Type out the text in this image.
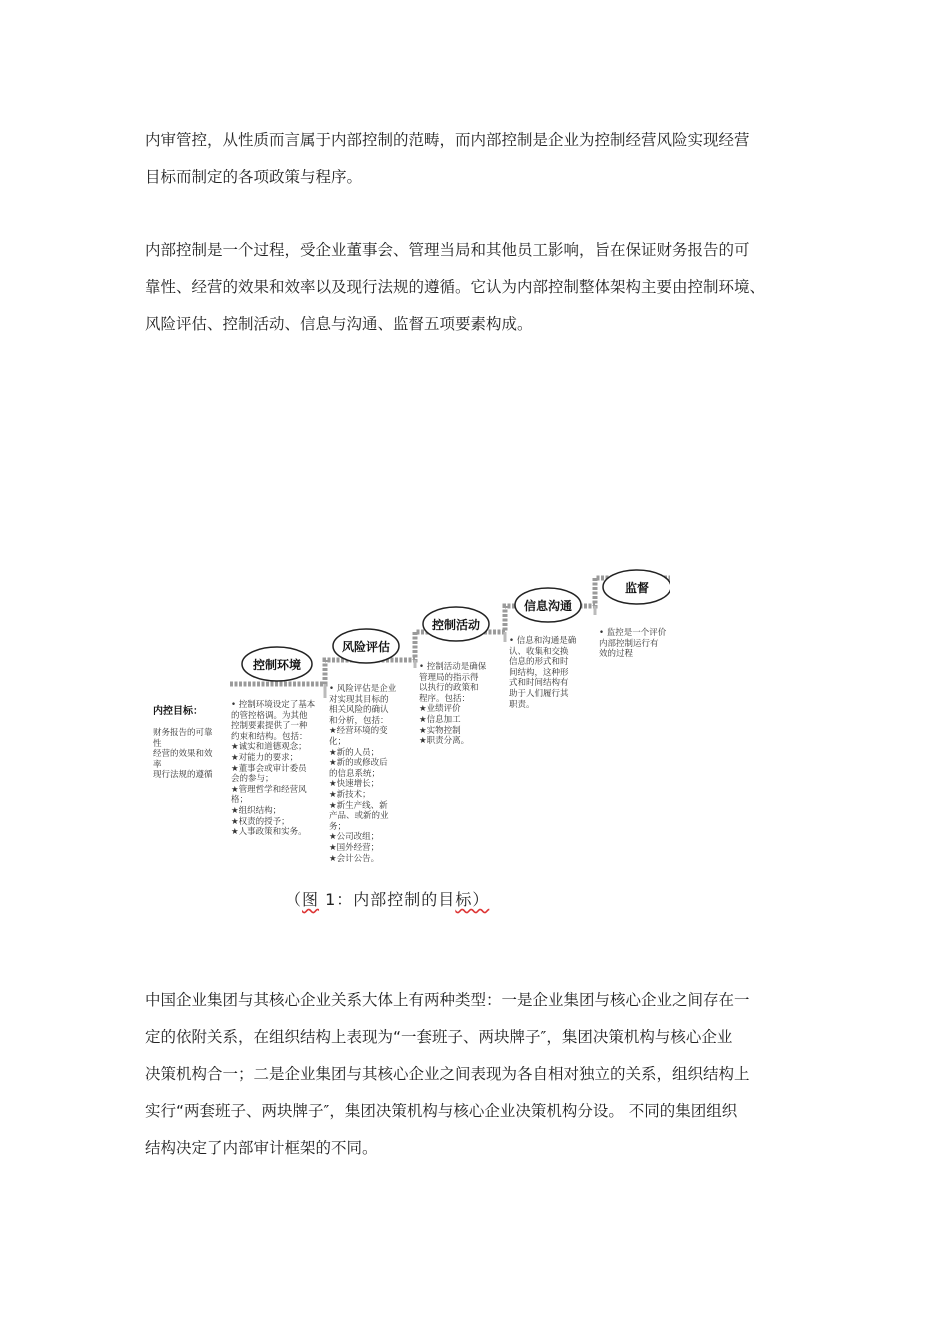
内审管控，从性质而言属于内部控制的范畴，而内部控制是企业为控制经营风险实现经营
目标而制定的各项政策与程序。
内部控制是一个过程，受企业董事会、管理当局和其他员工影响，旨在保证财务报告的可
靠性、经营的效果和效率以及现行法规的遵循。它认为内部控制整体架构主要由控制环境、
风险评估、控制活动、信息与沟通、监督五项要素构成。
控制环境
风险评估
控制活动
信息沟通
监督
内控目标：
财务报告的可靠
性
经营的效果和效
率
现行法规的遵循
• 控制环境设定了基本
的管控格调。为其他
控制要素提供了一种
约束和结构。包括：
★诚实和道德观念；
★对能力的要求；
★董事会或审计委员
会的参与；
★管理哲学和经营风
格；
★组织结构；
★权责的授予；
★人事政策和实务。
• 风险评估是企业
对实现其目标的
相关风险的确认
和分析，包括：
★经营环境的变
化；
★新的人员；
★新的或修改后
的信息系统；
★快速增长；
★新技术；
★新生产线、新
产品、或新的业
务；
★公司改组；
★国外经营；
★会计公告。
• 控制活动是确保
管理局的指示得
以执行的政策和
程序。包括：
★业绩评价
★信息加工
★实物控制
★职责分离。
• 信息和沟通是确
认、收集和交换
信息的形式和时
间结构，这种形
式和时间结构有
助于人们履行其
职责。
• 监控是一个评价
内部控制运行有
效的过程
（图 1：内部控制的目标）
中国企业集团与其核心企业关系大体上有两种类型：一是企业集团与核心企业之间存在一
定的依附关系，在组织结构上表现为“一套班子、两块牌子″，集团决策机构与核心企业
决策机构合一；二是企业集团与其核心企业之间表现为各自相对独立的关系，组织结构上
实行“两套班子、两块牌子″，集团决策机构与核心企业决策机构分设。 不同的集团组织
结构决定了内部审计框架的不同。
